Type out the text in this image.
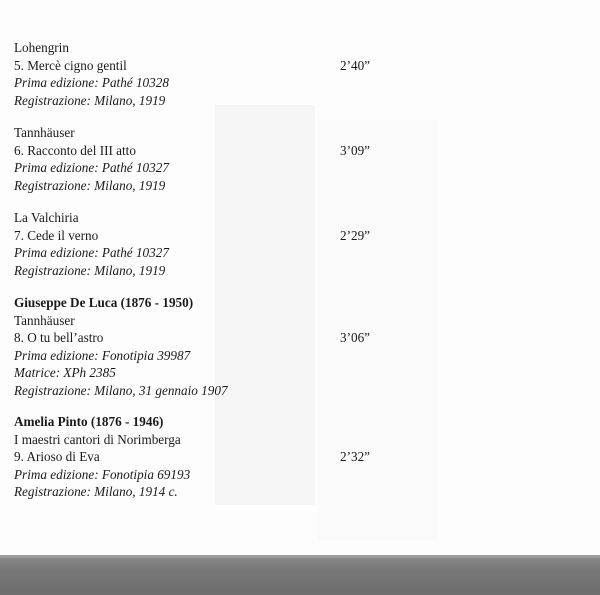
Lohengrin
5. Mercè cigno gentil
Prima edizione: Pathé 10328
Registrazione: Milano, 1919
2’40”
Tannhäuser
6. Racconto del III atto
Prima edizione: Pathé 10327
Registrazione: Milano, 1919
3’09”
La Valchiria
7. Cede il verno
Prima edizione: Pathé 10327
Registrazione: Milano, 1919
2’29”
Giuseppe De Luca (1876 - 1950)
Tannhäuser
8. O tu bell’astro
Prima edizione: Fonotipia 39987
Matrice: XPh 2385
Registrazione: Milano, 31 gennaio 1907
3’06”
Amelia Pinto (1876 - 1946)
I maestri cantori di Norimberga
9. Arioso di Eva
Prima edizione: Fonotipia 69193
Registrazione: Milano, 1914 c.
2’32”
